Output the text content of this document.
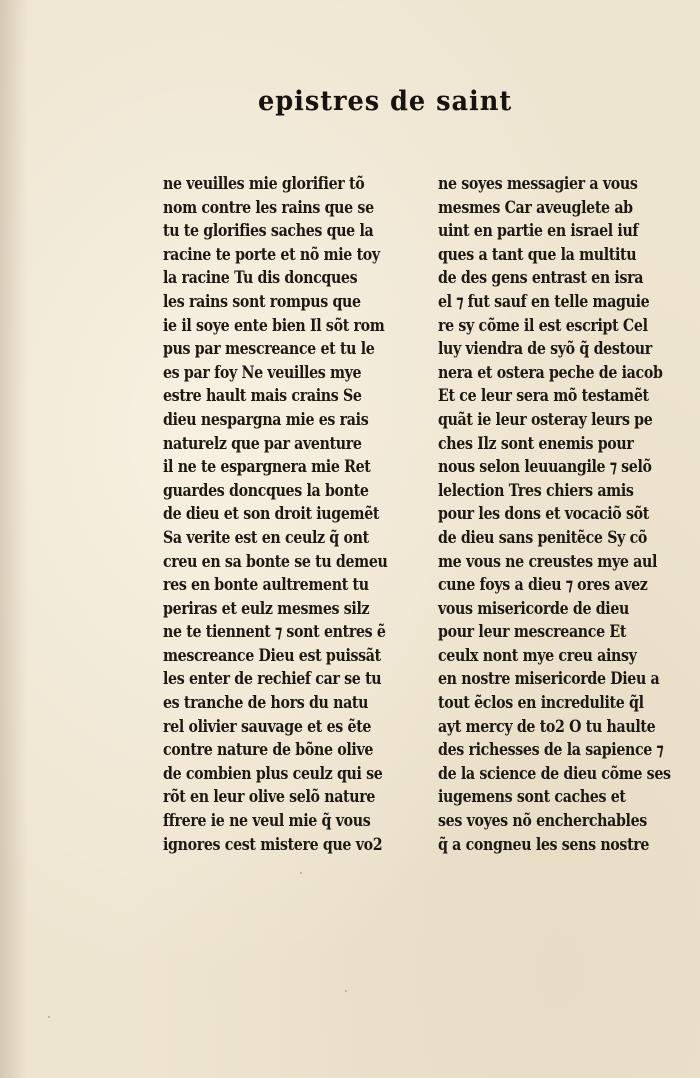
epistres de saint
ne veuilles mie glorifier tõ
nom contre les rains que se
tu te glorifies saches que la
racine te porte et nõ mie toy
la racine Tu dis doncques
les rains sont rompus que
ie il soye ente bien Il sõt rom
pus par mescreance et tu le
es par foy Ne veuilles mye
estre hault mais crains Se
dieu nespargna mie es rais
naturelz que par aventure
il ne te espargnera mie Ret
guardes doncques la bonte
de dieu et son droit iugemẽt
Sa verite est en ceulz q̃ ont
creu en sa bonte se tu demeu
res en bonte aultrement tu
periras et eulz mesmes silz
ne te tiennent ⁊ sont entres ẽ
mescreance Dieu est puissãt
les enter de rechief car se tu
es tranche de hors du natu
rel olivier sauvage et es ẽte
contre nature de bõne olive
de combien plus ceulz qui se
rõt en leur olive selõ nature
ffrere ie ne veul mie q̃ vous
ignores cest mistere que vo2
ne soyes messagier a vous
mesmes Car aveuglete ab
uint en partie en israel iuf
ques a tant que la multitu
de des gens entrast en isra
el ⁊ fut sauf en telle maguie
re sy cõme il est escript Cel
luy viendra de syõ q̃ destour
nera et ostera peche de iacob
Et ce leur sera mõ testamẽt
quãt ie leur osteray leurs pe
ches Ilz sont enemis pour
nous selon leuuangile ⁊ selõ
lelection Tres chiers amis
pour les dons et vocaciõ sõt
de dieu sans penitẽce Sy cõ
me vous ne creustes mye aul
cune foys a dieu ⁊ ores avez
vous misericorde de dieu
pour leur mescreance Et
ceulx nont mye creu ainsy
en nostre misericorde Dieu a
tout ẽclos en incredulite q̃l
ayt mercy de to2 O tu haulte
des richesses de la sapience ⁊
de la science de dieu cõme ses
iugemens sont caches et
ses voyes nõ encherchables
q̃ a congneu les sens nostre
